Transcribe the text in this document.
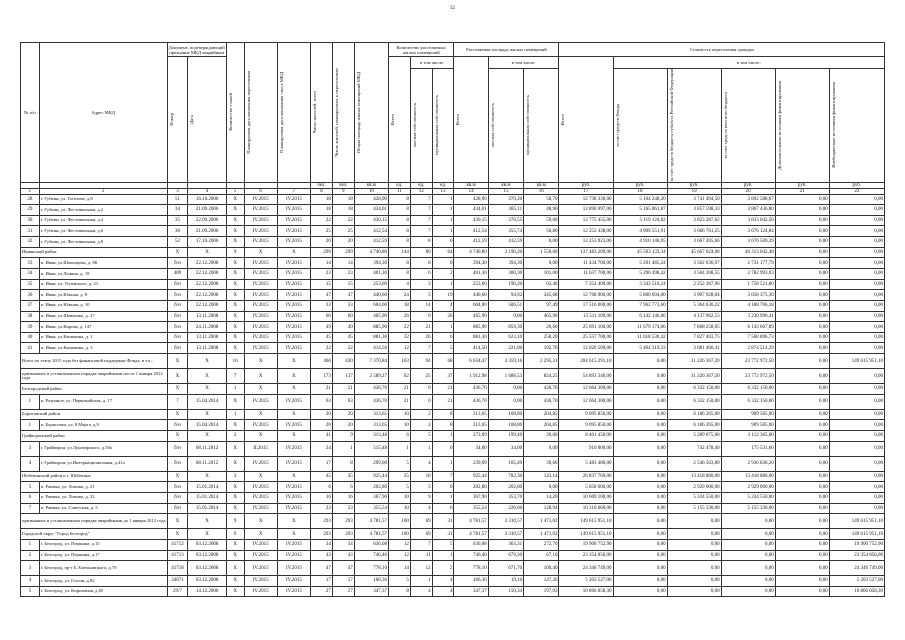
32
№ п/п	Адрес МКД	Документ, подтверждающий признание МКД аварийным		Количество этажей	Планируемая дата окончания переселения	Планируемая дата окончания сноса МКД	Число жителей, всего	Число жителей, планируемых к переселению	Общая площадь жилых помещений МКД	Количество расселяемых жилых помещений			Расселяемая площадь жилых помещений			Стоимость переселения граждан					

		Номер	Дата							Всего	в том числе:		Всего	в том числе:		Всего	в том числе:				

											частная собственность	муниципальная собственность		частная собственность	муниципальная собственность		за счет средств Фонда	за счет средств бюджета субъекта Российской Федерации	за счет средств местного бюджета	Дополнительные источники финансирования	Внебюджетные источники финансирования

							чел.	чел.	кв.м	ед.	ед.	ед.	кв.м	кв.м	кв.м	руб.	руб.	руб.	руб.	руб.	руб.
1	2	3	4	5	6	7	8	9	10	11	12	13	14	15	16	17	18	19	20	21	22
28	г. Губкин, ул. Гоголева, д.8	51	16.10.2006	Х	IV.2015	IV.2015	18	18	428,90	8	7	1	428,90	370,20	58,70	12 738 330,00	5 104 248,20	3 741 494,50	3 892 588,67	0,00	0,00
29	г. Губкин, ул. Фестивальная, д.2	34	21.09.2006	Х	IV.2015	IV.2015	18	18	434,01	8	7	1	434,01	385,11	48,90	12 890 097,00	5 165 061,87	3 857 598,33	3 867 436,80	0,00	0,00
30	г. Губкин, ул. Фестивальная, д.4	35	22.09.2006	Х	IV.2015	IV.2015	22	22	430,15	8	7	1	430,15	370,55	59,60	12 775 455,00	5 119 124,82	3 823 287,62	3 833 042,56	0,00	0,00
31	г. Губкин, ул. Фестивальная, д.6	36	21.09.2006	Х	IV.2015	IV.2015	25	25	412,54	8	7	1	412,54	355,74	56,80	12 252 438,00	4 909 551,91	3 666 761,25	3 676 124,84	0,00	0,00
32	г. Губкин, ул. Фестивальная, д.8	52	17.10.2006	Х	IV.2015	IV.2015	20	20	412,59	8	8	0	412,59	412,59	0,00	12 253 923,00	4 910 146,95	3 667 205,66	3 676 569,39	0,00	0,00
Ивнянский район		Х	Х	9	Х	Х	299	299	4 740,80	144	80	64	4 740,80	3 190,20	1 550,60	137 483 200,00	45 503 133,34	45 667 024,08	46 313 042,48	0,00	0,00
33	п. Ивня, ул.Шаховцова, д. 88	б/н	22.12.2008	Х	IV.2015	IV.2015	14	14	394,30	8	8	0	394,30	394,30	0,00	11 434 700,00	5 201 485,24	3 502 036,97	2 731 177,79	0,00	0,00
34	п. Ивня, ул.Ленина, д. 19	489	22.12.2008	Х	IV.2015	IV.2015	23	23	401,30	8	6	2	401,30	300,30	101,00	11 637 700,00	5 290 498,42	3 564 208,55	2 782 993,03	0,00	0,00
35	п. Ивня, ул. Успенского, д. 21	б/н	22.12.2008	Х	IV.2015	IV.2015	15	15	253,60	4	3	1	253,60	190,20	63,40	7 354 400,00	3 343 510,24	2 252 367,96	1 758 521,80	0,00	0,00
36	п. Ивня, ул.Южная, д. 8	б/н	22.12.2008	Х	IV.2015	IV.2015	47	47	440,60	24	5	19	440,60	94,92	345,68	12 768 000,00	5 800 694,00	3 907 928,04	3 058 375,30	0,00	0,00
37	п. Ивня, ул.Южная, д. 10	б/н	22.12.2008	Х	IV.2015	IV.2015	33	33	604,00	18	14	4	604,00	506,51	97,49	17 516 000,00	7 962 773,60	5 364 636,22	4 188 706,18	0,00	0,00
38	п. Ивня, ул.Шевченко, д. 27	б/н	13.11.2008	Х	IV.2015	IV.2015	60	60	465,90	26	0	26	465,90	0,00	465,90	13 511 100,00	6 142 146,06	4 137 962,53	3 230 990,41	0,00	0,00
39	п. Ивня, ул.Кирова, д. 147	б/н	24.11.2008	Х	IV.2015	IV.2015	49	49	885,90	22	21	1	885,90	859,30	26,60	25 691 100,00	11 679 174,06	7 868 258,05	6 143 667,89	0,00	0,00
40	п. Ивня, ул.Кашенина, д. 1	б/н	13.11.2008	Х	IV.2015	IV.2015	45	45	881,30	32	26	6	881,30	623,10	258,20	25 557 700,00	11 618 530,42	7 827 403,75	7 560 896,73	0,00	0,00
41	п. Ивня, ул.Кашенина, д. 3	б/н	13.11.2008	Х	IV.2015	IV.2015	22	22	414,50	12	7	5	414,50	221,80	192,70	12 020 500,00	5 464 319,33	3 681 466,41	2 874 514,29	0,00	0,00
Всего по этапу 2015 года без финансовой поддержки Фонда, в т.ч.:		Х	Х	16	Х	Х	466	430	7 370,84	163	94	68	6 634,47	4 359,16	2 295,31	204 615 291,10	0,00	31 226 367,20	23 772 972,50	0,00	149 615 951,10
признанных в установленном порядке аварийными после 1 января 2012 года		Х	Х	7	Х	Х	173	137	2 589,27	62	25	37	1 912,98	1 688,53	824,25	54 893 340,00	0,00	31 226 367,20	23 772 972,50	0,00	0,00
Белгородский район		Х	Х	1	Х	Х	21	21	436,70	21	0	21	436,70	0,00	436,70	12 664 300,00	0,00	6 332 150,00	6 332 150,00	0,00	0,00
1	п. Разумное, ул. Первомайская, д. 17	7	15.04.2014	Х	IV.2015	IV.2015	63	63	436,70	21	0	21	436,70	0,00	436,70	12 664 300,00	0,00	6 332 150,00	6 332 150,00	0,00	0,00
Борисовский район		Х	Х	1	Х	Х	20	20	313,65	10	2	8	313,65	108,80	204,85	9 095 850,00	0,00	6 186 265,00	909 585,00	0,00	0,00
1	п. Борисовка, ул. 8 Марта, д.9	б/н	15.04.2014	Х	IV.2015	IV.2015	20	20	313,65	10	2	8	313,65	108,80	204,85	9 095 850,00	0,00	6 186 265,00	909 585,00	0,00	0,00
Грайворонский район		Х	Х	2	Х	Х	41	9	313,48	6	5	1	273,09	199,49	39,60	8 401 450,00	0,00	5 289 075,00	3 112 365,00	0,00	0,00
3	г. Грайворон, ул.Луначарского, д.50а	б/н	08.11.2012	Х	II.2015	IV.2015	24	1	515,48	1	1	0	34,00	34,00	0,00	910 000,00	0,00	742 478,40	175 531,60	0,00	0,00
4	г. Грайворон, ул.Интернациональная, д.41а	б/н	08.11.2012	Х	IV.2015	IV.2015	17	8	299,00	5	4	1	239,09	165,49	39,60	5 483 480,00	0,00	2 546 563,80	2 936 836,20	0,00	0,00
Шебекинский район и г. Шебекино		Х	Х	3	Х	Х	45	45	925,44	25	18	7	925,44	782,30	143,14	26 837 760,00	0,00	13 418 880,00	13 418 880,00	0,00	0,00
5	п. Ржевка, ул. Ломова, д. 21	б/н	15.01.2014	Х	IV.2015	IV.2015	6	6	202,80	5	5	0	202,80	202,80	0,00	5 858 600,00	0,00	2 929 000,00	2 929 000,00	0,00	0,00
6	п. Ржевка, ул. Ломова, д. 22	б/н	15.01.2014	Х	IV.2015	IV.2015	16	16	367,90	10	9	1	367,90	353,70	14,20	10 669 100,00	0,00	5 334 550,00	5 334 550,00	0,00	0,00
7	п. Ржевка, ул. Советская, д. 5	б/н	15.01.2014	Х	IV.2015	IV.2015	23	23	355,54	10	4	6	355,54	226,60	128,94	10 310 660,00	0,00	5 155 330,00	5 155 330,00	0,00	0,00
признанных в установленном порядке аварийными до 1 января 2012 года		Х	Х	9	Х	Х	293	293	4 781,57	100	69	31	4 781,57	3 310,57	1 471,02	149 615 951,10	0,00	0,00	0,00	0,00	149 615 951,10
Городской округ "Город Белгород"		Х	Х	9	Х	Х	293	293	4 781,57	100	69	31	4 781,57	3 310,57	1 471,02	149 615 951,10	0,00	0,00	0,00	0,00	149 615 951,10
1	г. Белгород, ул. Першина, д.15	41712	03.12.2008	Х	IV.2015	IV.2015	34	34	636,08	12	7	5	636,08	363,31	272,70	19 900 752,90	0,00	0,00	0,00	0,00	19 900 752,90
2	г. Белгород, ул. Першина, д.17	41713	03.12.2008	Х	IV.2015	IV.2015	43	43	746,40	12	11	1	746,40	679,30	67,10	23 354 856,00	0,00	0,00	0,00	0,00	23 354 856,00
3	г. Белгород, пр-т Б.Хмельницкого, д.70	41718	03.12.2008	Х	IV.2015	IV.2015	47	47	778,10	14	12	2	778,10	671,70	106,40	24 346 749,00	0,00	0,00	0,00	0,00	24 346 749,00
4	г. Белгород, ул. Гоголя, д.82	34671	03.12.2008	Х	IV.2015	IV.2015	17	17	166,30	5	1	4	166,30	19,10	147,20	5 203 527,00	0,00	0,00	0,00	0,00	5 203 527,00
5	г. Белгород, ул. Кирпичная, д.65	29/7	14.12.2006	Х	IV.2015	IV.2015	27	27	347,37	8	4	4	347,37	150,34	197,03	10 866 058,30	0,00	0,00	0,00	0,00	10 866 058,30
